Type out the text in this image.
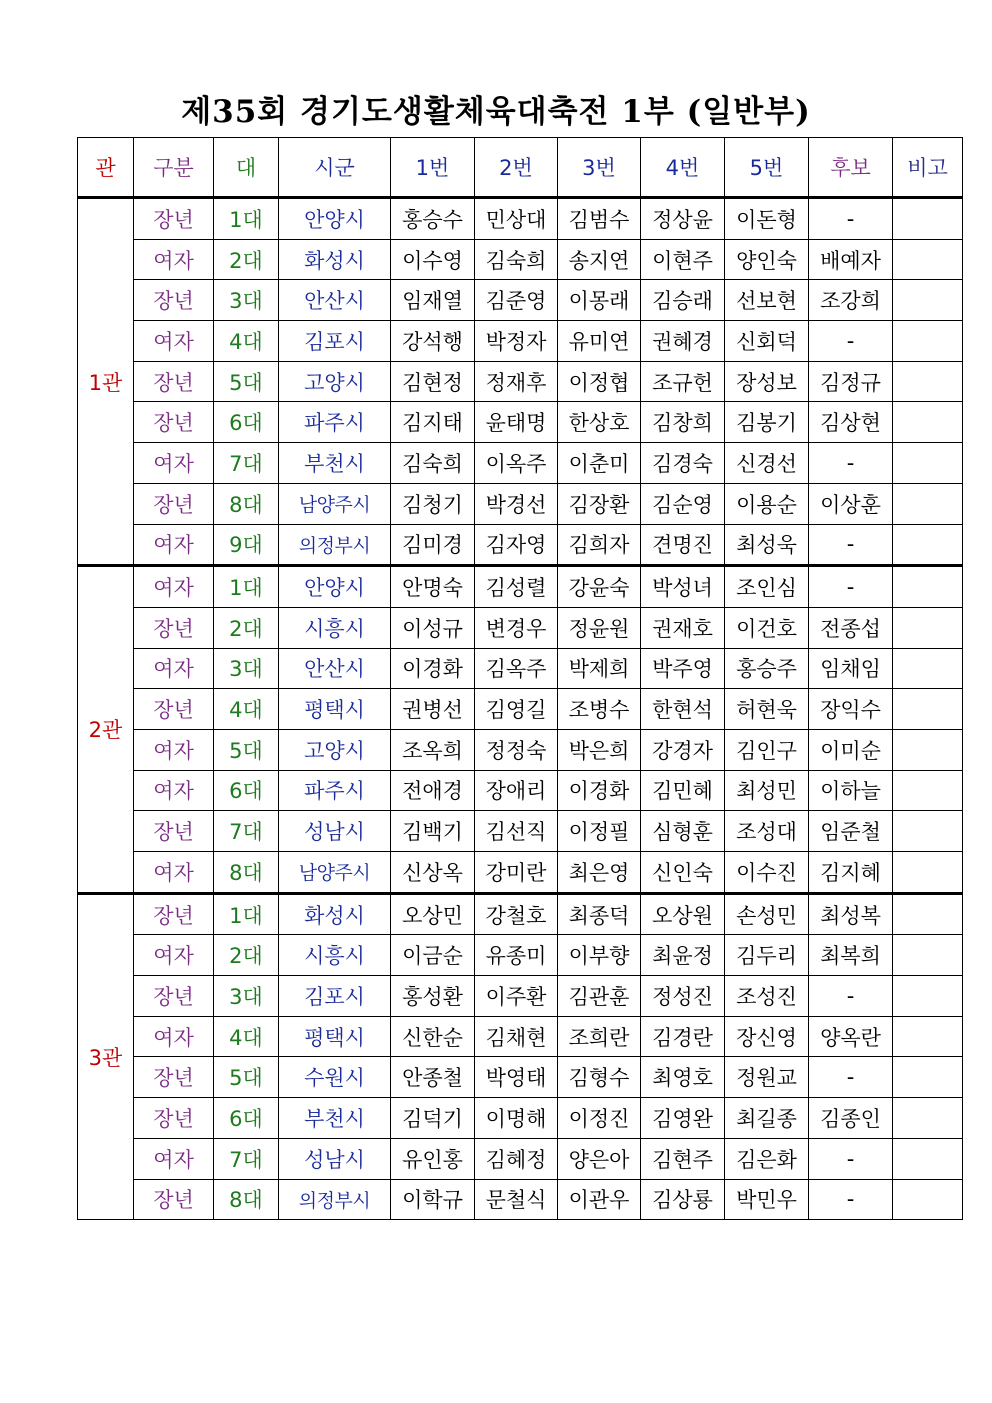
제35회 경기도생활체육대축전 1부 (일반부)
관	구분	대	시군	1번	2번	3번	4번	5번	후보	비고
1관	장년	1대	안양시	홍승수	민상대	김범수	정상윤	이돈형	-	
	여자	2대	화성시	이수영	김숙희	송지연	이현주	양인숙	배예자	
	장년	3대	안산시	임재열	김준영	이몽래	김승래	선보현	조강희	
	여자	4대	김포시	강석행	박정자	유미연	권혜경	신회덕	-	
	장년	5대	고양시	김현정	정재후	이정협	조규헌	장성보	김정규	
	장년	6대	파주시	김지태	윤태명	한상호	김창희	김봉기	김상현	
	여자	7대	부천시	김숙희	이옥주	이춘미	김경숙	신경선	-	
	장년	8대	남양주시	김청기	박경선	김장환	김순영	이용순	이상훈	
	여자	9대	의정부시	김미경	김자영	김희자	견명진	최성욱	-	
2관	여자	1대	안양시	안명숙	김성렬	강윤숙	박성녀	조인심	-	
	장년	2대	시흥시	이성규	변경우	정윤원	권재호	이건호	전종섭	
	여자	3대	안산시	이경화	김옥주	박제희	박주영	홍승주	임채임	
	장년	4대	평택시	권병선	김영길	조병수	한현석	허현욱	장익수	
	여자	5대	고양시	조옥희	정정숙	박은희	강경자	김인구	이미순	
	여자	6대	파주시	전애경	장애리	이경화	김민혜	최성민	이하늘	
	장년	7대	성남시	김백기	김선직	이정필	심형훈	조성대	임준철	
	여자	8대	남양주시	신상옥	강미란	최은영	신인숙	이수진	김지혜	
3관	장년	1대	화성시	오상민	강철호	최종덕	오상원	손성민	최성복	
	여자	2대	시흥시	이금순	유종미	이부향	최윤정	김두리	최복희	
	장년	3대	김포시	홍성환	이주환	김관훈	정성진	조성진	-	
	여자	4대	평택시	신한순	김채현	조희란	김경란	장신영	양옥란	
	장년	5대	수원시	안종철	박영태	김형수	최영호	정원교	-	
	장년	6대	부천시	김덕기	이명해	이정진	김영완	최길종	김종인	
	여자	7대	성남시	유인홍	김혜정	양은아	김현주	김은화	-	
	장년	8대	의정부시	이학규	문철식	이관우	김상룡	박민우	-	
